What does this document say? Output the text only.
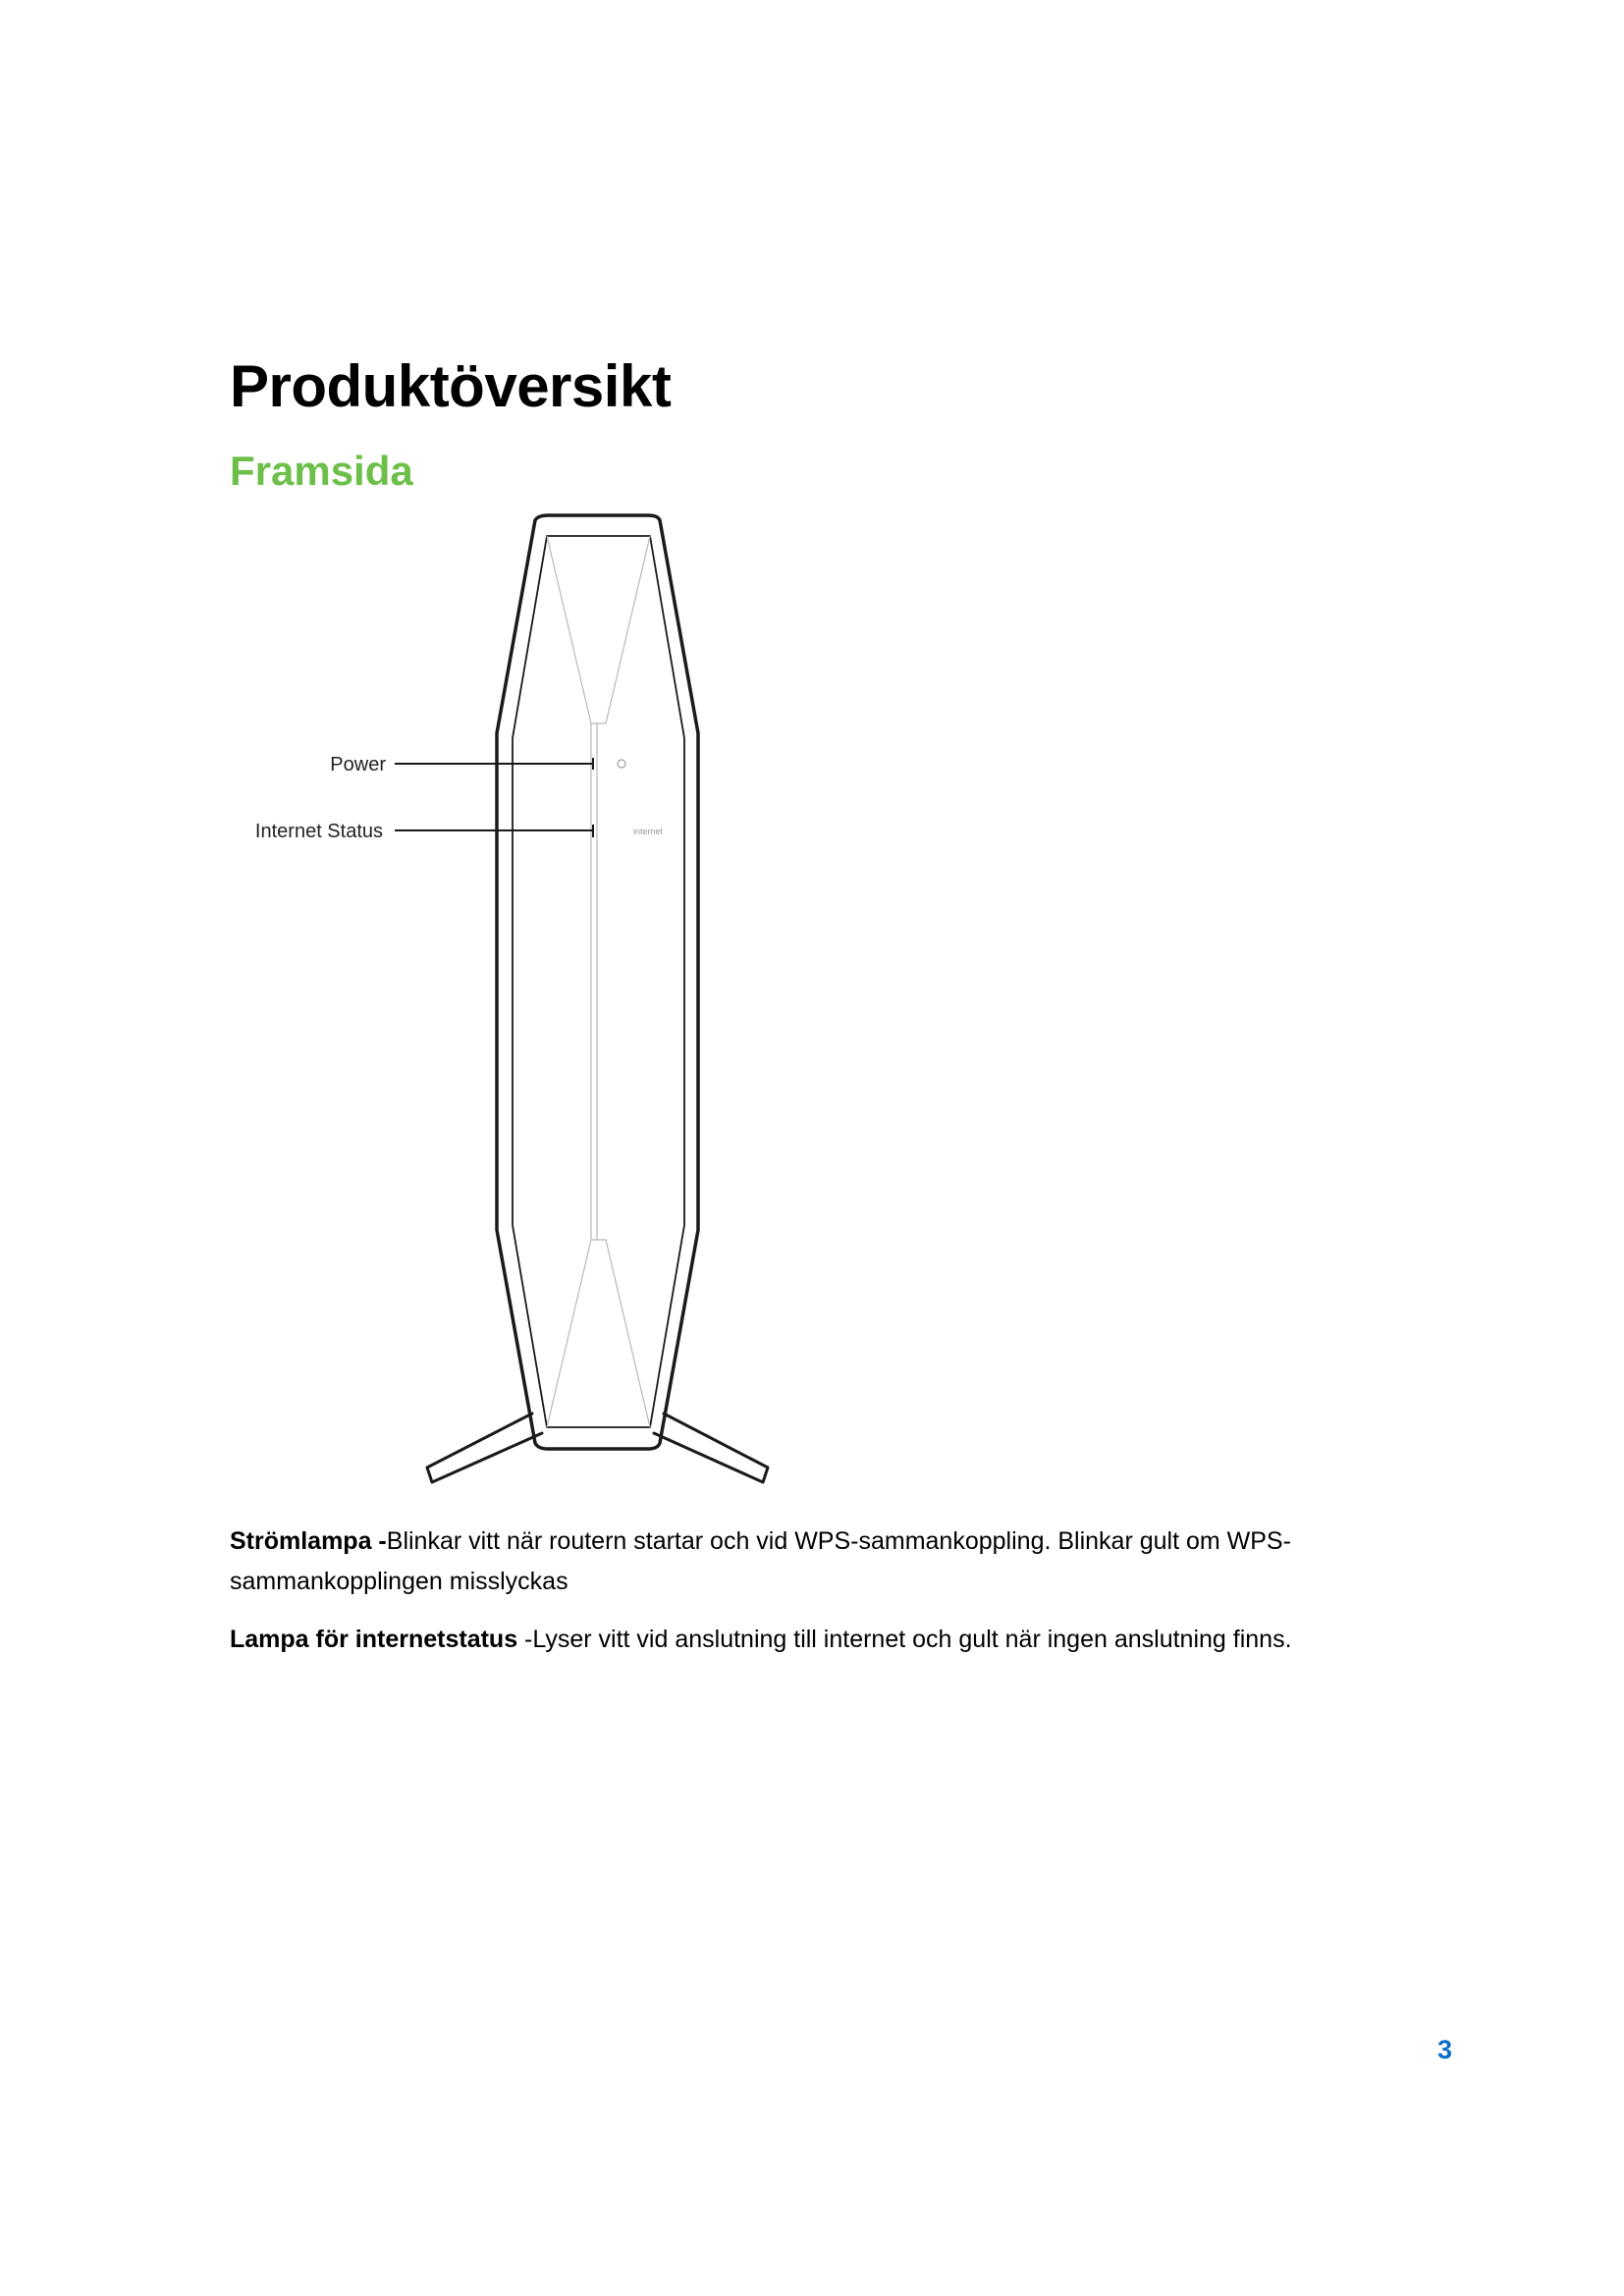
Produktöversikt
Framsida
Power
Internet Status	internet

Strömlampa -Blinkar vitt när routern startar och vid WPS-sammankoppling. Blinkar gult om WPS-sammankopplingen misslyckas

Lampa för internetstatus -Lyser vitt vid anslutning till internet och gult när ingen anslutning finns.

3
